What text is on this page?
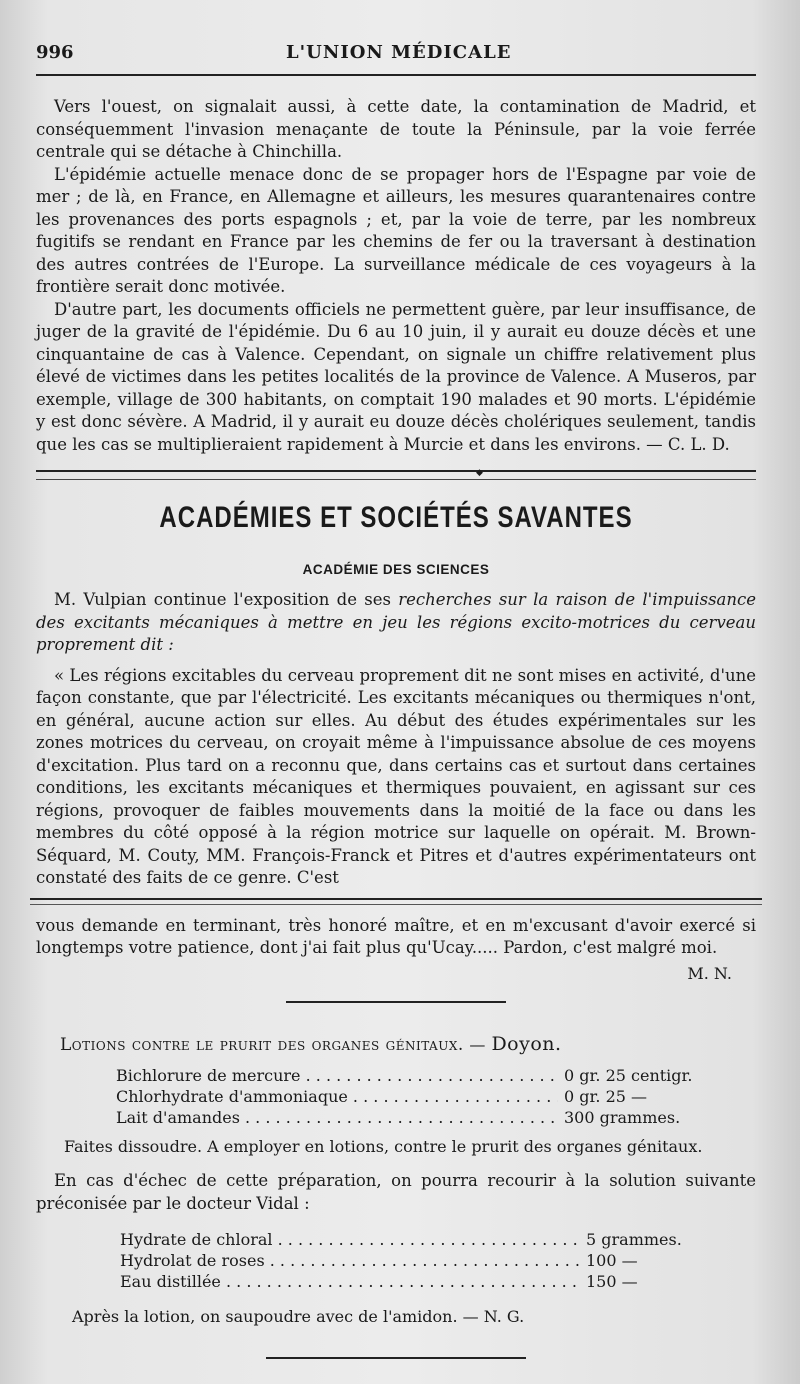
996	L'UNION MÉDICALE

Vers l'ouest, on signalait aussi, à cette date, la contamination de Madrid, et conséquemment l'invasion menaçante de toute la Péninsule, par la voie ferrée centrale qui se détache à Chinchilla.

L'épidémie actuelle menace donc de se propager hors de l'Espagne par voie de mer ; de là, en France, en Allemagne et ailleurs, les mesures quarantenaires contre les provenances des ports espagnols ; et, par la voie de terre, par les nombreux fugitifs se rendant en France par les chemins de fer ou la traversant à destination des autres contrées de l'Europe. La surveillance médicale de ces voyageurs à la frontière serait donc motivée.

D'autre part, les documents officiels ne permettent guère, par leur insuffisance, de juger de la gravité de l'épidémie. Du 6 au 10 juin, il y aurait eu douze décès et une cinquantaine de cas à Valence. Cependant, on signale un chiffre relativement plus élevé de victimes dans les petites localités de la province de Valence. A Museros, par exemple, village de 300 habitants, on comptait 190 malades et 90 morts. L'épidémie y est donc sévère. A Madrid, il y aurait eu douze décès cholériques seulement, tandis que les cas se multiplieraient rapidement à Murcie et dans les environs. — C. L. D.

◆
ACADÉMIES ET SOCIÉTÉS SAVANTES
ACADÉMIE DES SCIENCES

M. Vulpian continue l'exposition de ses recherches sur la raison de l'impuissance des excitants mécaniques à mettre en jeu les régions excito-motrices du cerveau proprement dit :

« Les régions excitables du cerveau proprement dit ne sont mises en activité, d'une façon constante, que par l'électricité. Les excitants mécaniques ou thermiques n'ont, en général, aucune action sur elles. Au début des études expérimentales sur les zones motrices du cerveau, on croyait même à l'impuissance absolue de ces moyens d'excitation. Plus tard on a reconnu que, dans certains cas et surtout dans certaines conditions, les excitants mécaniques et thermiques pouvaient, en agissant sur ces régions, provoquer de faibles mouvements dans la moitié de la face ou dans les membres du côté opposé à la région motrice sur laquelle on opérait. M. Brown-Séquard, M. Couty, MM. François-Franck et Pitres et d'autres expérimentateurs ont constaté des faits de ce genre. C'est

vous demande en terminant, très honoré maître, et en m'excusant d'avoir exercé si longtemps votre patience, dont j'ai fait plus qu'Ucay..... Pardon, c'est malgré moi.

M. N.
Lotions contre le prurit des organes génitaux. — Doyon.
Bichlorure de mercure . . .	0 gr. 25 centigr.
Chlorhydrate d'ammoniaque . . .	0 gr. 25 —
Lait d'amandes . . .	300 grammes.

Faites dissoudre. A employer en lotions, contre le prurit des organes génitaux.

En cas d'échec de cette préparation, on pourra recourir à la solution suivante préconisée par le docteur Vidal :

Hydrate de chloral . . .	5 grammes.
Hydrolat de roses . . .	100 —
Eau distillée . . .	150 —

Après la lotion, on saupoudre avec de l'amidon. — N. G.
